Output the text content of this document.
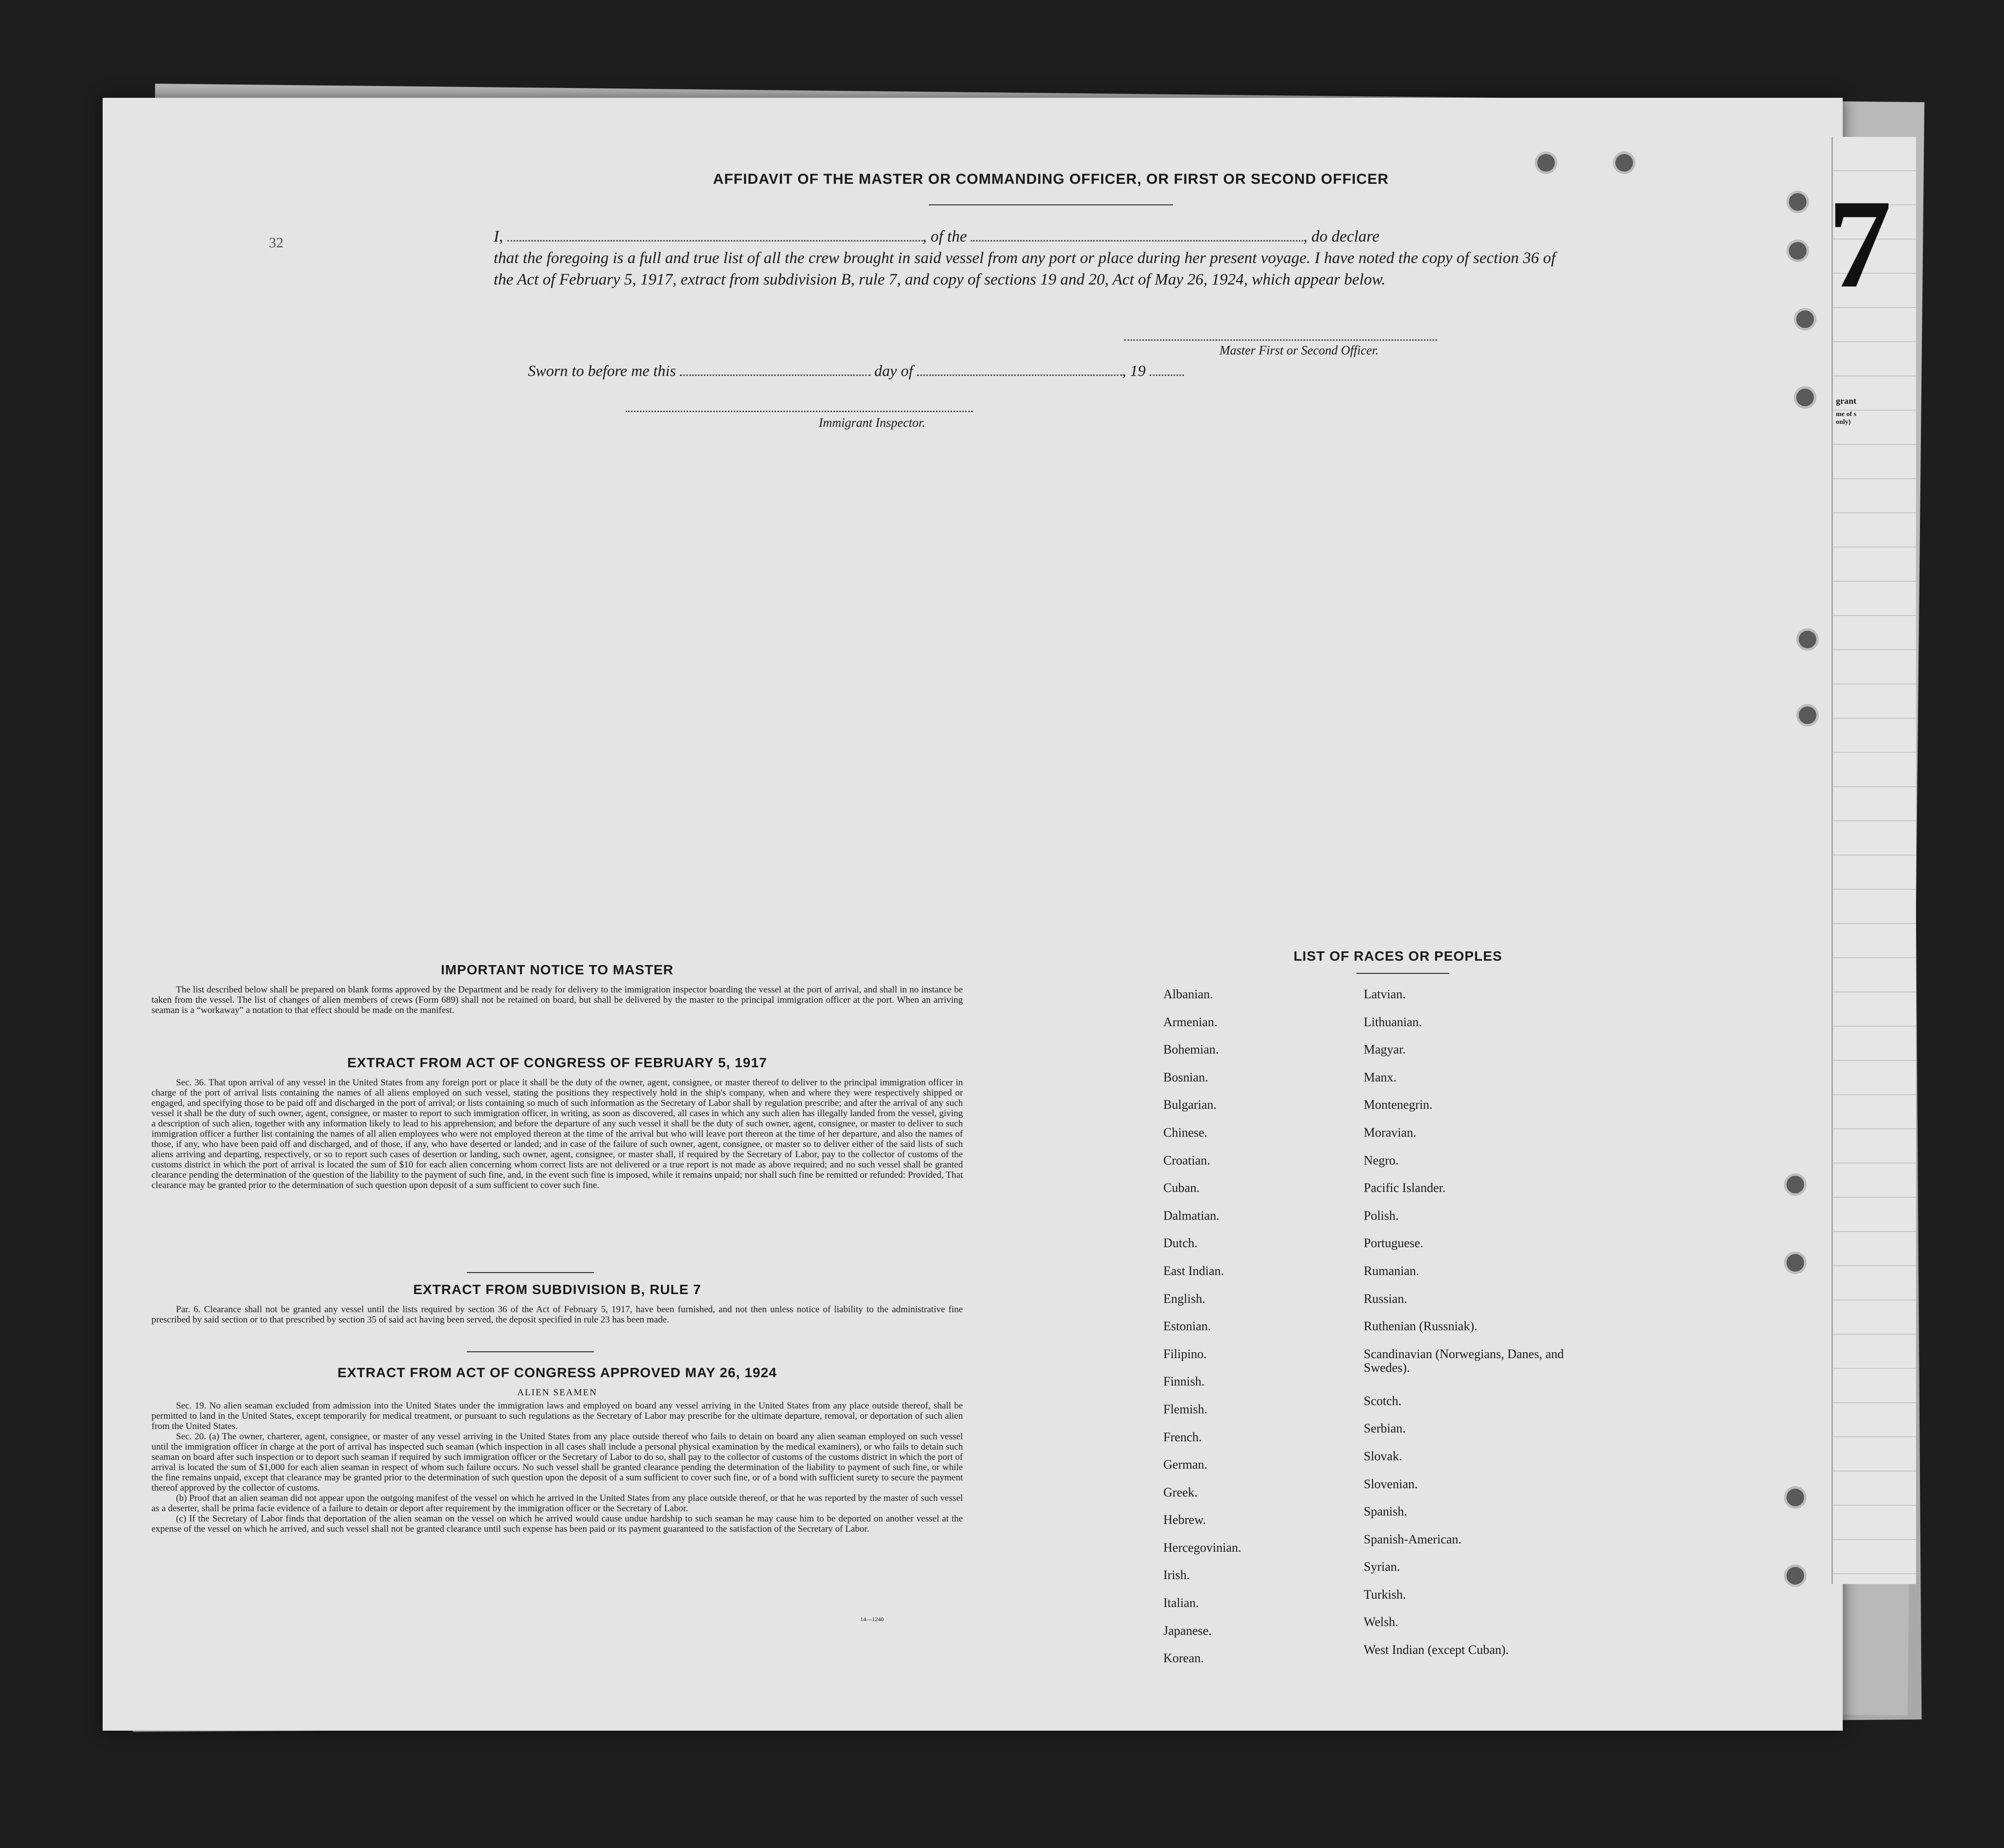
grant
me of s only)
7
32
AFFIDAVIT OF THE MASTER OR COMMANDING OFFICER, OR FIRST OR SECOND OFFICER

I,	, of the	, do declare

that the foregoing is a full and true list of all the crew brought in said vessel from any port or place during her present voyage. I have noted the copy of section 36 of the Act of February 5, 1917, extract from subdivision B, rule 7, and copy of sections 19 and 20, Act of May 26, 1924, which appear below.

Master First or Second Officer.
Sworn to before me this	day of	, 19
Immigrant Inspector.
IMPORTANT NOTICE TO MASTER

The list described below shall be prepared on blank forms approved by the Department and be ready for delivery to the immigration inspector boarding the vessel at the port of arrival, and shall in no instance be taken from the vessel. The list of changes of alien members of crews (Form 689) shall not be retained on board, but shall be delivered by the master to the principal immigration officer at the port. When an arriving seaman is a “workaway” a notation to that effect should be made on the manifest.

EXTRACT FROM ACT OF CONGRESS OF FEBRUARY 5, 1917

Sec. 36. That upon arrival of any vessel in the United States from any foreign port or place it shall be the duty of the owner, agent, consignee, or master thereof to deliver to the principal immigration officer in charge of the port of arrival lists containing the names of all aliens employed on such vessel, stating the positions they respectively hold in the ship's company, when and where they were respectively shipped or engaged, and specifying those to be paid off and discharged in the port of arrival; or lists containing so much of such information as the Secretary of Labor shall by regulation prescribe; and after the arrival of any such vessel it shall be the duty of such owner, agent, consignee, or master to report to such immigration officer, in writing, as soon as discovered, all cases in which any such alien has illegally landed from the vessel, giving a description of such alien, together with any information likely to lead to his apprehension; and before the departure of any such vessel it shall be the duty of such owner, agent, consignee, or master to deliver to such immigration officer a further list containing the names of all alien employees who were not employed thereon at the time of the arrival but who will leave port thereon at the time of her departure, and also the names of those, if any, who have been paid off and discharged, and of those, if any, who have deserted or landed; and in case of the failure of such owner, agent, consignee, or master so to deliver either of the said lists of such aliens arriving and departing, respectively, or so to report such cases of desertion or landing, such owner, agent, consignee, or master shall, if required by the Secretary of Labor, pay to the collector of customs of the customs district in which the port of arrival is located the sum of $10 for each alien concerning whom correct lists are not delivered or a true report is not made as above required; and no such vessel shall be granted clearance pending the determination of the question of the liability to the payment of such fine, and, in the event such fine is imposed, while it remains unpaid; nor shall such fine be remitted or refunded: Provided, That clearance may be granted prior to the determination of such question upon deposit of a sum sufficient to cover such fine.

EXTRACT FROM SUBDIVISION B, RULE 7

Par. 6. Clearance shall not be granted any vessel until the lists required by section 36 of the Act of February 5, 1917, have been furnished, and not then unless notice of liability to the administrative fine prescribed by said section or to that prescribed by section 35 of said act having been served, the deposit specified in rule 23 has been made.

EXTRACT FROM ACT OF CONGRESS APPROVED MAY 26, 1924
ALIEN SEAMEN

Sec. 19. No alien seaman excluded from admission into the United States under the immigration laws and employed on board any vessel arriving in the United States from any place outside thereof, shall be permitted to land in the United States, except temporarily for medical treatment, or pursuant to such regulations as the Secretary of Labor may prescribe for the ultimate departure, removal, or deportation of such alien from the United States.

Sec. 20. (a) The owner, charterer, agent, consignee, or master of any vessel arriving in the United States from any place outside thereof who fails to detain on board any alien seaman employed on such vessel until the immigration officer in charge at the port of arrival has inspected such seaman (which inspection in all cases shall include a personal physical examination by the medical examiners), or who fails to detain such seaman on board after such inspection or to deport such seaman if required by such immigration officer or the Secretary of Labor to do so, shall pay to the collector of customs of the customs district in which the port of arrival is located the sum of $1,000 for each alien seaman in respect of whom such failure occurs. No such vessel shall be granted clearance pending the determination of the liability to payment of such fine, or while the fine remains unpaid, except that clearance may be granted prior to the determination of such question upon the deposit of a sum sufficient to cover such fine, or of a bond with sufficient surety to secure the payment thereof approved by the collector of customs.

(b) Proof that an alien seaman did not appear upon the outgoing manifest of the vessel on which he arrived in the United States from any place outside thereof, or that he was reported by the master of such vessel as a deserter, shall be prima facie evidence of a failure to detain or deport after requirement by the immigration officer or the Secretary of Labor.

(c) If the Secretary of Labor finds that deportation of the alien seaman on the vessel on which he arrived would cause undue hardship to such seaman he may cause him to be deported on another vessel at the expense of the vessel on which he arrived, and such vessel shall not be granted clearance until such expense has been paid or its payment guaranteed to the satisfaction of the Secretary of Labor.

14—1240
LIST OF RACES OR PEOPLES
Albanian.
Armenian.
Bohemian.
Bosnian.
Bulgarian.
Chinese.
Croatian.
Cuban.
Dalmatian.
Dutch.
East Indian.
English.
Estonian.
Filipino.
Finnish.
Flemish.
French.
German.
Greek.
Hebrew.
Hercegovinian.
Irish.
Italian.
Japanese.
Korean.
Latvian.
Lithuanian.
Magyar.
Manx.
Montenegrin.
Moravian.
Negro.
Pacific Islander.
Polish.
Portuguese.
Rumanian.
Russian.
Ruthenian (Russniak).
Scandinavian (Norwegians, Danes, and Swedes).
Scotch.
Serbian.
Slovak.
Slovenian.
Spanish.
Spanish-American.
Syrian.
Turkish.
Welsh.
West Indian (except Cuban).
